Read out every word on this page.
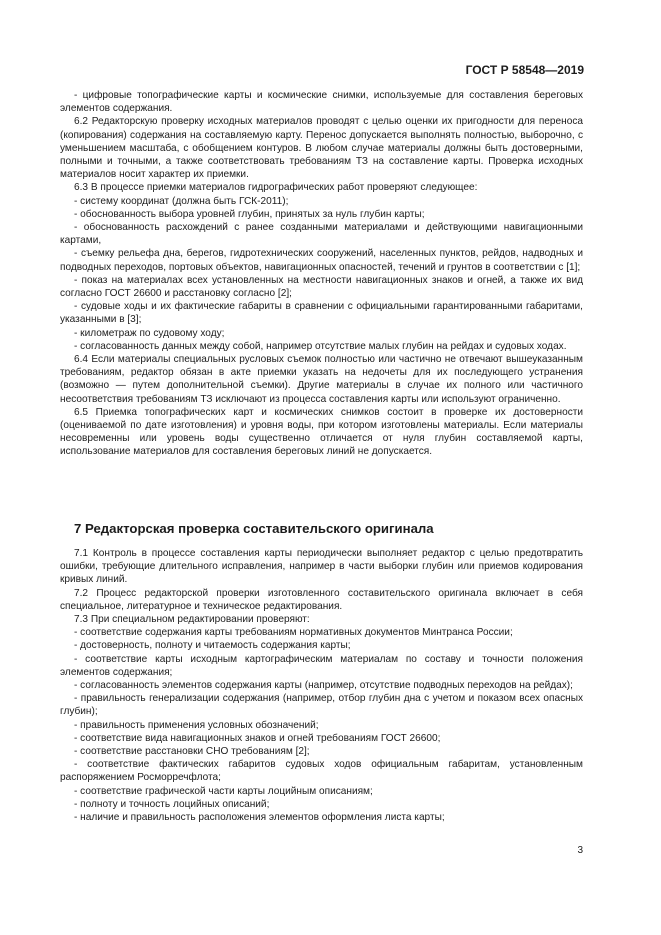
ГОСТ Р 58548—2019

- цифровые топографические карты и космические снимки, используемые для составления береговых элементов содержания.

6.2 Редакторскую проверку исходных материалов проводят с целью оценки их пригодности для переноса (копирования) содержания на составляемую карту. Перенос допускается выполнять полностью, выборочно, с уменьшением масштаба, с обобщением контуров. В любом случае материалы должны быть достоверными, полными и точными, а также соответствовать требованиям ТЗ на составление карты. Проверка исходных материалов носит характер их приемки.

6.3 В процессе приемки материалов гидрографических работ проверяют следующее:

- систему координат (должна быть ГСК-2011);

- обоснованность выбора уровней глубин, принятых за нуль глубин карты;

- обоснованность расхождений с ранее созданными материалами и действующими навигационными картами,

- съемку рельефа дна, берегов, гидротехнических сооружений, населенных пунктов, рейдов, надводных и подводных переходов, портовых объектов, навигационных опасностей, течений и грунтов в соответствии с [1];

- показ на материалах всех установленных на местности навигационных знаков и огней, а также их вид согласно ГОСТ 26600 и расстановку согласно [2];

- судовые ходы и их фактические габариты в сравнении с официальными гарантированными габаритами, указанными в [3];

- километраж по судовому ходу;

- согласованность данных между собой, например отсутствие малых глубин на рейдах и судовых ходах.

6.4 Если материалы специальных русловых съемок полностью или частично не отвечают вышеуказанным требованиям, редактор обязан в акте приемки указать на недочеты для их последующего устранения (возможно — путем дополнительной съемки). Другие материалы в случае их полного или частичного несоответствия требованиям ТЗ исключают из процесса составления карты или используют ограниченно.

6.5 Приемка топографических карт и космических снимков состоит в проверке их достоверности (оцениваемой по дате изготовления) и уровня воды, при котором изготовлены материалы. Если материалы несовременны или уровень воды существенно отличается от нуля глубин составляемой карты, использование материалов для составления береговых линий не допускается.

7 Редакторская проверка составительского оригинала

7.1 Контроль в процессе составления карты периодически выполняет редактор с целью предотвратить ошибки, требующие длительного исправления, например в части выборки глубин или приемов кодирования кривых линий.

7.2 Процесс редакторской проверки изготовленного составительского оригинала включает в себя специальное, литературное и техническое редактирования.

7.3 При специальном редактировании проверяют:

- соответствие содержания карты требованиям нормативных документов Минтранса России;

- достоверность, полноту и читаемость содержания карты;

- соответствие карты исходным картографическим материалам по составу и точности положения элементов содержания;

- согласованность элементов содержания карты (например, отсутствие подводных переходов на рейдах);

- правильность генерализации содержания (например, отбор глубин дна с учетом и показом всех опасных глубин);

- правильность применения условных обозначений;

- соответствие вида навигационных знаков и огней требованиям ГОСТ 26600;

- соответствие расстановки СНО требованиям [2];

- соответствие фактических габаритов судовых ходов официальным габаритам, установленным распоряжением Росморречфлота;

- соответствие графической части карты лоцийным описаниям;

- полноту и точность лоцийных описаний;

- наличие и правильность расположения элементов оформления листа карты;

3
